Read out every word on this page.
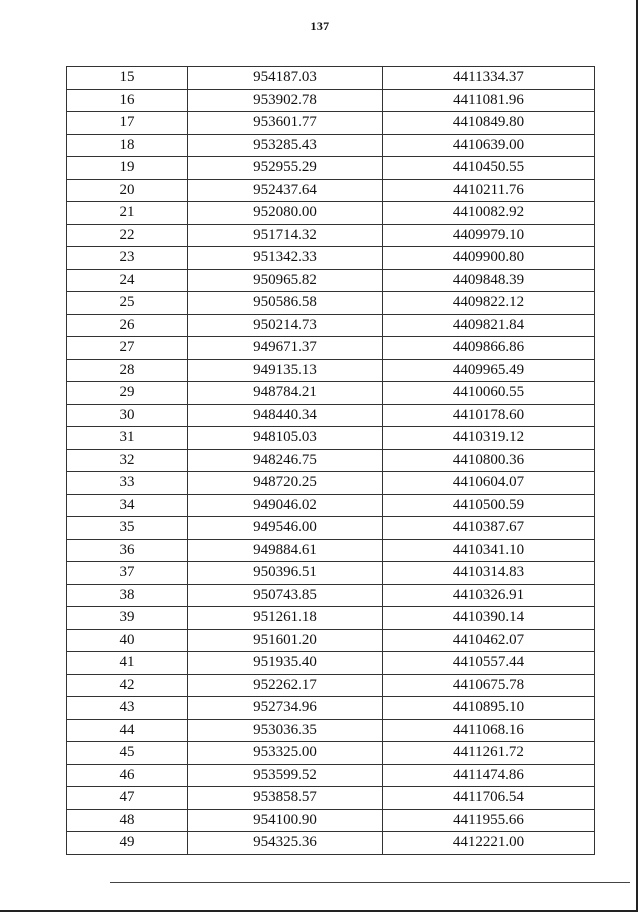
137
15	954187.03	4411334.37
16	953902.78	4411081.96
17	953601.77	4410849.80
18	953285.43	4410639.00
19	952955.29	4410450.55
20	952437.64	4410211.76
21	952080.00	4410082.92
22	951714.32	4409979.10
23	951342.33	4409900.80
24	950965.82	4409848.39
25	950586.58	4409822.12
26	950214.73	4409821.84
27	949671.37	4409866.86
28	949135.13	4409965.49
29	948784.21	4410060.55
30	948440.34	4410178.60
31	948105.03	4410319.12
32	948246.75	4410800.36
33	948720.25	4410604.07
34	949046.02	4410500.59
35	949546.00	4410387.67
36	949884.61	4410341.10
37	950396.51	4410314.83
38	950743.85	4410326.91
39	951261.18	4410390.14
40	951601.20	4410462.07
41	951935.40	4410557.44
42	952262.17	4410675.78
43	952734.96	4410895.10
44	953036.35	4411068.16
45	953325.00	4411261.72
46	953599.52	4411474.86
47	953858.57	4411706.54
48	954100.90	4411955.66
49	954325.36	4412221.00
